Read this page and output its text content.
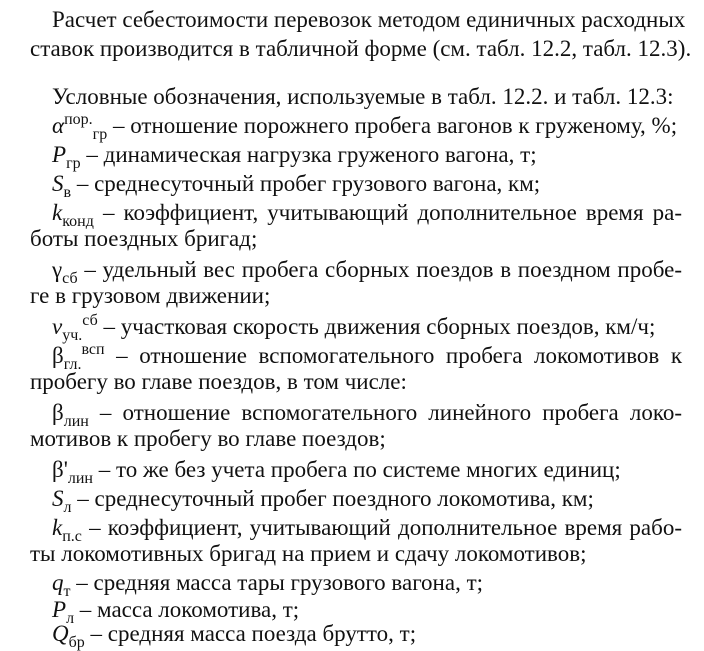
Расчет себестоимости перевозок методом единичных расходных
ставок производится в табличной форме (см. табл. 12.2, табл. 12.3).
Условные обозначения, используемые в табл. 12.2. и табл. 12.3:
$\alpha^{пор.}_{гр}$ – отношение порожнего пробега вагонов к груженому, %;
$P_{гр}$ – динамическая нагрузка груженого вагона, т;
$S_в$ – среднесуточный пробег грузового вагона, км;
$k_{конд}$ – коэффициент, учитывающий дополнительное время ра-
боты поездных бригад;
$\gamma_{сб}$ – удельный вес пробега сборных поездов в поездном пробе-
ге в грузовом движении;
$v_{уч.}^{сб}$ – участковая скорость движения сборных поездов, км/ч;
$\beta_{гл.}^{всп}$ – отношение вспомогательного пробега локомотивов к
пробегу во главе поездов, в том числе:
$\beta_{лин}$ – отношение вспомогательного линейного пробега локо-
мотивов к пробегу во главе поездов;
$\beta'_{лин}$ – то же без учета пробега по системе многих единиц;
$S_л$ – среднесуточный пробег поездного локомотива, км;
$k_{п.с}$ – коэффициент, учитывающий дополнительное время рабо-
ты локомотивных бригад на прием и сдачу локомотивов;
$q_т$ – средняя масса тары грузового вагона, т;
$P_л$ – масса локомотива, т;
$Q_{бр}$ – средняя масса поезда брутто, т;
